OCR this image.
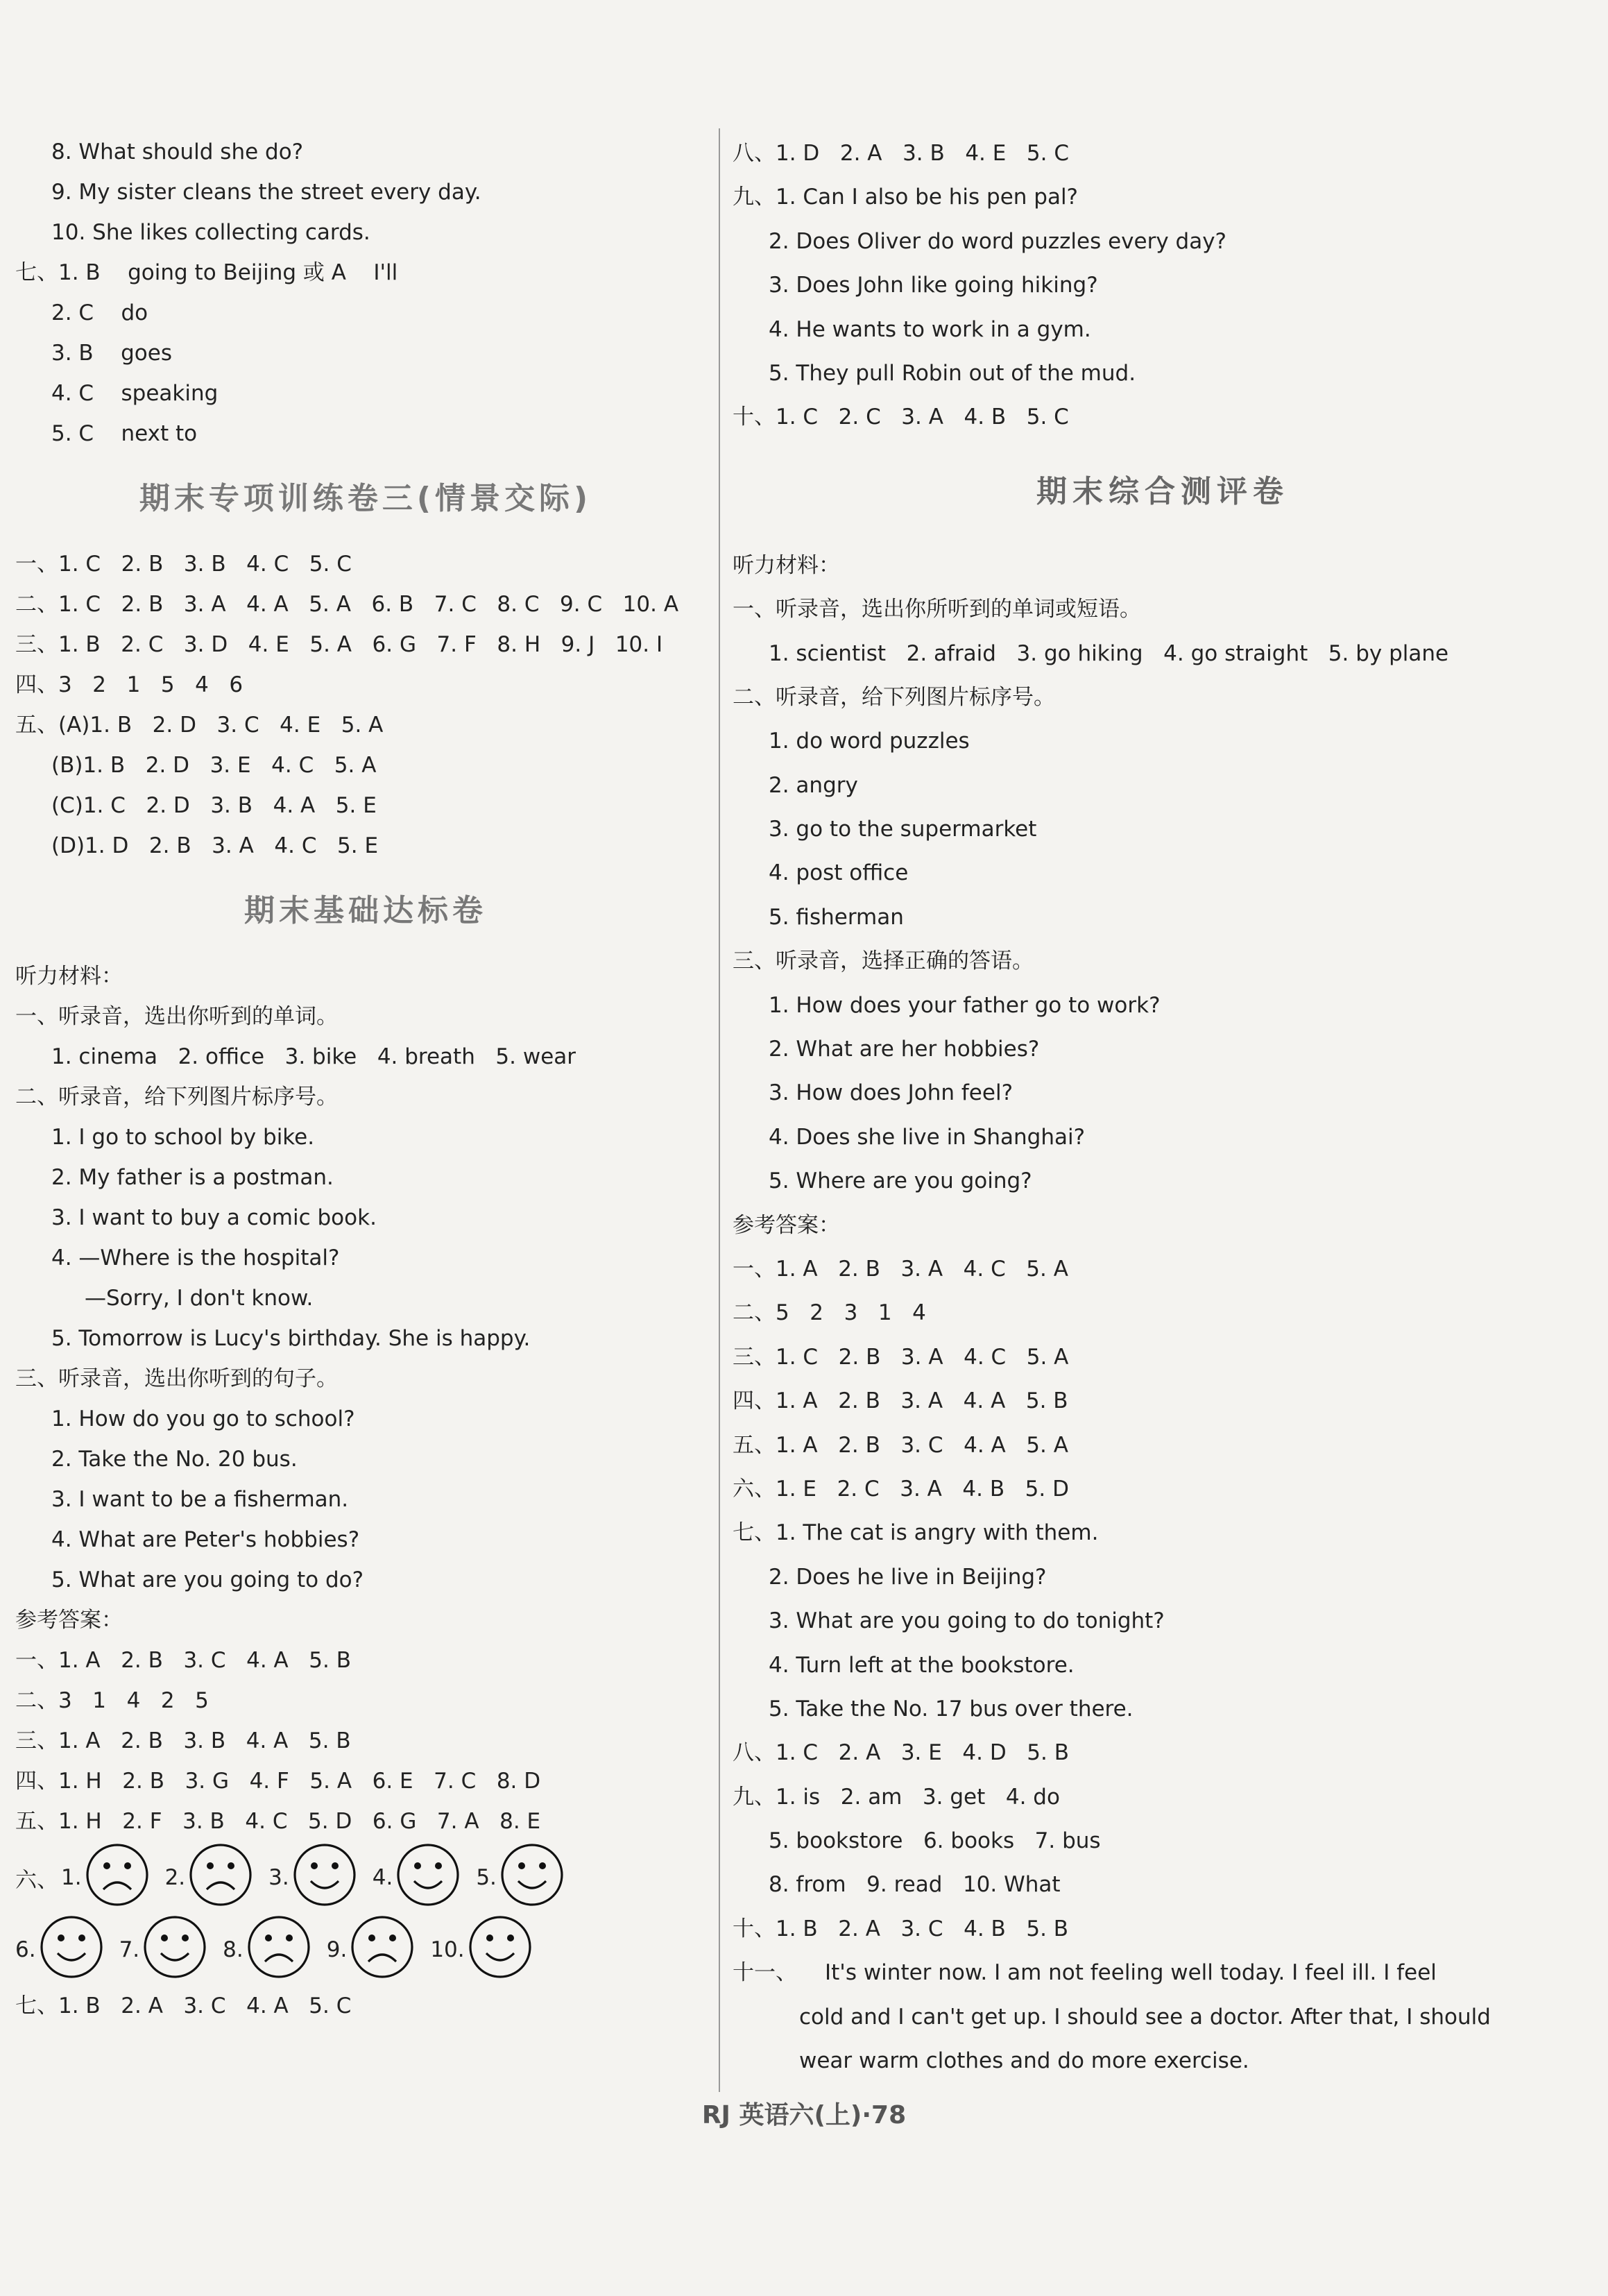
8. What should she do?
9. My sister cleans the street every day.
10. She likes collecting cards.
七、1. B    going to Beijing 或 A    I'll
2. C    do
3. B    goes
4. C    speaking
5. C    next to
期末专项训练卷三(情景交际)
一、1. C   2. B   3. B   4. C   5. C
二、1. C   2. B   3. A   4. A   5. A   6. B   7. C   8. C   9. C   10. A
三、1. B   2. C   3. D   4. E   5. A   6. G   7. F   8. H   9. J   10. I
四、3   2   1   5   4   6
五、(A)1. B   2. D   3. C   4. E   5. A
(B)1. B   2. D   3. E   4. C   5. A
(C)1. C   2. D   3. B   4. A   5. E
(D)1. D   2. B   3. A   4. C   5. E
期末基础达标卷
听力材料：
一、听录音，选出你听到的单词。
1. cinema   2. office   3. bike   4. breath   5. wear
二、听录音，给下列图片标序号。
1. I go to school by bike.
2. My father is a postman.
3. I want to buy a comic book.
4. —Where is the hospital?
—Sorry, I don't know.
5. Tomorrow is Lucy's birthday. She is happy.
三、听录音，选出你听到的句子。
1. How do you go to school?
2. Take the No. 20 bus.
3. I want to be a fisherman.
4. What are Peter's hobbies?
5. What are you going to do?
参考答案：
一、1. A   2. B   3. C   4. A   5. B
二、3   1   4   2   5
三、1. A   2. B   3. B   4. A   5. B
四、1. H   2. B   3. G   4. F   5. A   6. E   7. C   8. D
五、1. H   2. F   3. B   4. C   5. D   6. G   7. A   8. E
六、 1.	2.	3.	4.	5.
6.	7.	8.	9.	10.
七、1. B   2. A   3. C   4. A   5. C
八、1. D   2. A   3. B   4. E   5. C
九、1. Can I also be his pen pal?
2. Does Oliver do word puzzles every day?
3. Does John like going hiking?
4. He wants to work in a gym.
5. They pull Robin out of the mud.
十、1. C   2. C   3. A   4. B   5. C
期末综合测评卷
听力材料：
一、听录音，选出你所听到的单词或短语。
1. scientist   2. afraid   3. go hiking   4. go straight   5. by plane
二、听录音，给下列图片标序号。
1. do word puzzles
2. angry
3. go to the supermarket
4. post office
5. fisherman
三、听录音，选择正确的答语。
1. How does your father go to work?
2. What are her hobbies?
3. How does John feel?
4. Does she live in Shanghai?
5. Where are you going?
参考答案：
一、1. A   2. B   3. A   4. C   5. A
二、5   2   3   1   4
三、1. C   2. B   3. A   4. C   5. A
四、1. A   2. B   3. A   4. A   5. B
五、1. A   2. B   3. C   4. A   5. A
六、1. E   2. C   3. A   4. B   5. D
七、1. The cat is angry with them.
2. Does he live in Beijing?
3. What are you going to do tonight?
4. Turn left at the bookstore.
5. Take the No. 17 bus over there.
八、1. C   2. A   3. E   4. D   5. B
九、1. is   2. am   3. get   4. do
5. bookstore   6. books   7. bus
8. from   9. read   10. What
十、1. B   2. A   3. C   4. B   5. B
十一、 It's winter now. I am not feeling well today. I feel ill. I feel
cold and I can't get up. I should see a doctor. After that, I should
wear warm clothes and do more exercise.
RJ 英语六(上)·78
